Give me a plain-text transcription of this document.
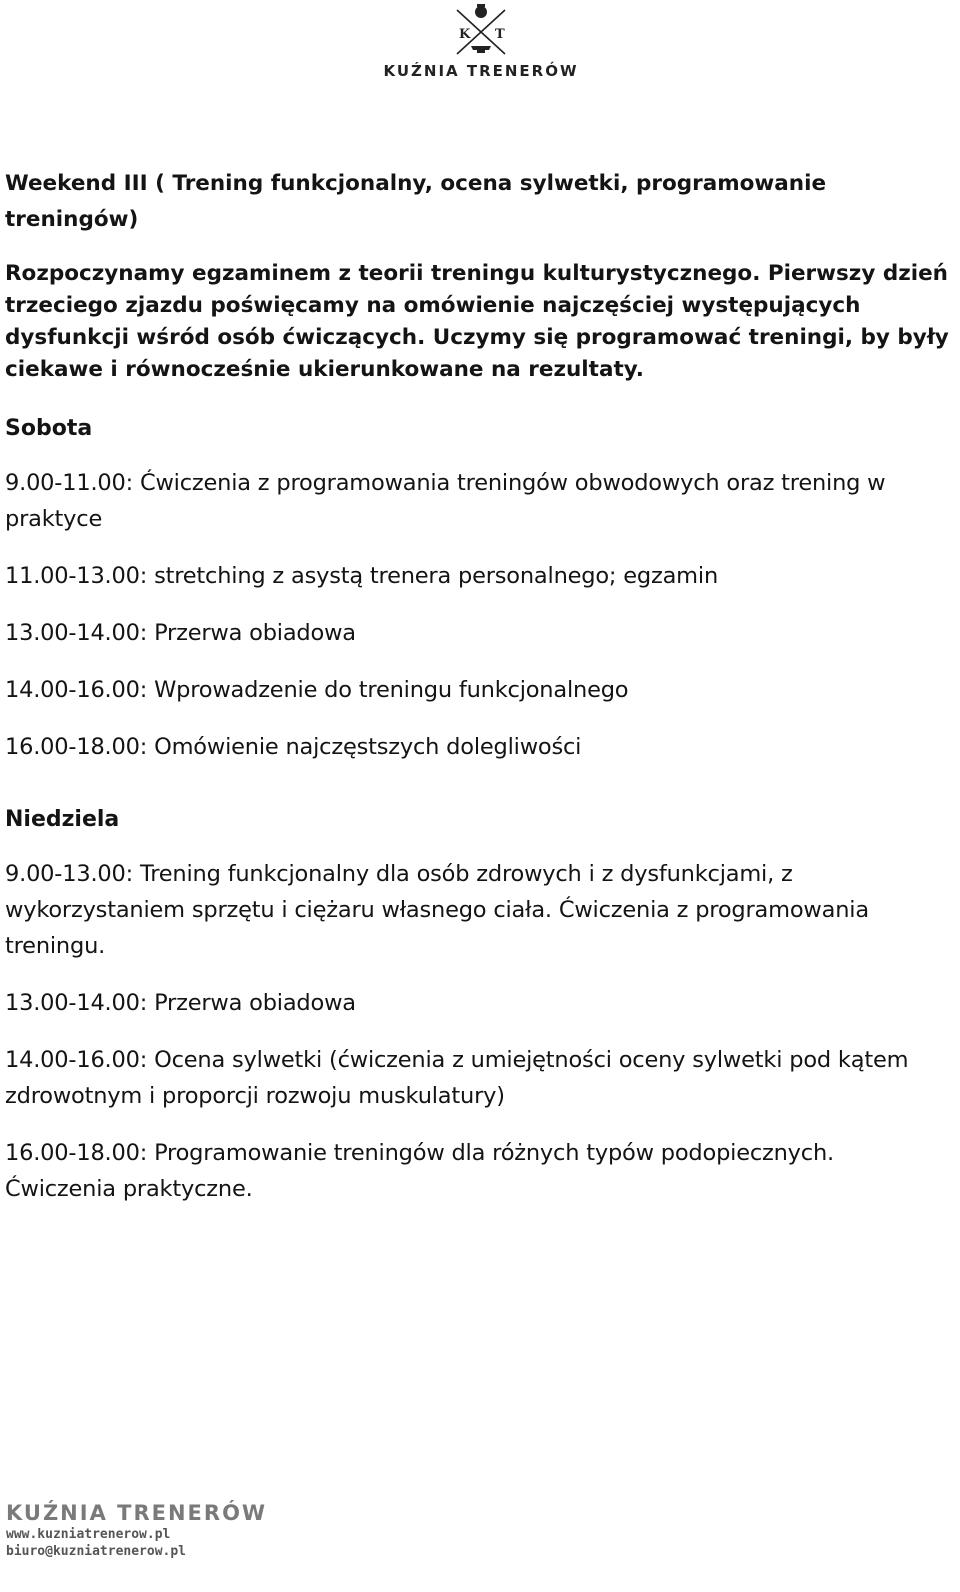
K T
KUŹNIA TRENERÓW

Weekend III ( Trening funkcjonalny, ocena sylwetki, programowanie treningów)

Rozpoczynamy egzaminem z teorii treningu kulturystycznego. Pierwszy dzień trzeciego zjazdu poświęcamy na omówienie najczęściej występujących dysfunkcji wśród osób ćwiczących. Uczymy się programować treningi, by były ciekawe i równocześnie ukierunkowane na rezultaty.

Sobota

9.00-11.00: Ćwiczenia z programowania treningów obwodowych oraz trening w praktyce
11.00-13.00: stretching z asystą trenera personalnego; egzamin
13.00-14.00: Przerwa obiadowa
14.00-16.00: Wprowadzenie do treningu funkcjonalnego
16.00-18.00: Omówienie najczęstszych dolegliwości

Niedziela

9.00-13.00: Trening funkcjonalny dla osób zdrowych i z dysfunkcjami, z wykorzystaniem sprzętu i ciężaru własnego ciała. Ćwiczenia z programowania treningu.
13.00-14.00: Przerwa obiadowa
14.00-16.00: Ocena sylwetki (ćwiczenia z umiejętności oceny sylwetki pod kątem zdrowotnym i proporcji rozwoju muskulatury)
16.00-18.00: Programowanie treningów dla różnych typów podopiecznych. Ćwiczenia praktyczne.
KUŹNIA TRENERÓW
www.kuzniatrenerow.pl
biuro@kuzniatrenerow.pl
